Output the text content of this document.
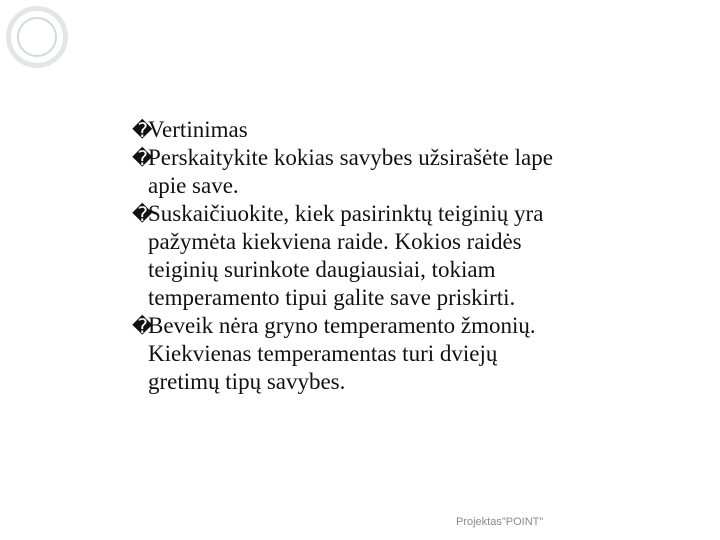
�
Vertinimas
�
Perskaitykite kokias savybes užsirašėte lape
apie save.
�
Suskaičiuokite, kiek pasirinktų teiginių yra
pažymėta kiekviena raide. Kokios raidės
teiginių surinkote daugiausiai, tokiam
temperamento tipui galite save priskirti.
�
Beveik nėra gryno temperamento žmonių.
Kiekvienas temperamentas turi dviejų
gretimų tipų savybes.
Projektas"POINT"
